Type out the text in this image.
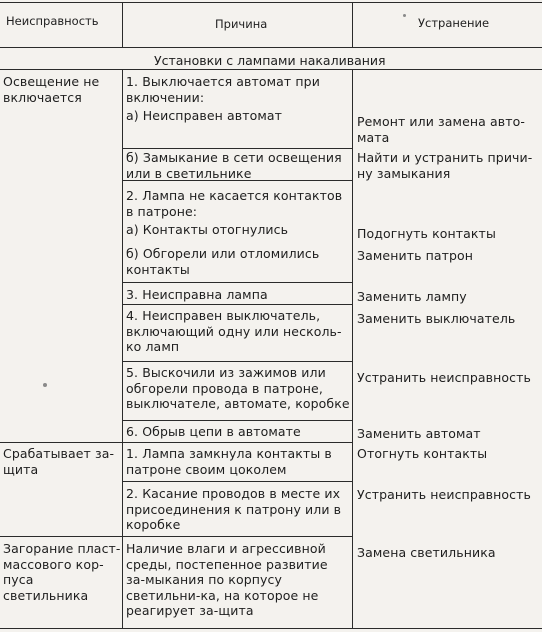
Неисправность	Причина	Устранение
Установки с лампами накаливания
Освещение не включается
Срабатывает за-
щита
Загорание пласт-
массового кор-
пуса светильника
1. Выключается автомат при включении:
а) Неисправен автомат
б) Замыкание в сети освещения или в светильнике
2. Лампа не касается контактов в патроне:
а) Контакты отогнулись
б) Обгорели или отломились контакты
3. Неисправна лампа
4. Неисправен выключатель, включающий одну или несколь-ко ламп
5. Выскочили из зажимов или обгорели провода в патроне, выключателе, автомате, коробке
6. Обрыв цепи в автомате
1. Лампа замкнула контакты в патроне своим цоколем
2. Касание проводов в месте их присоединения к патрону или в коробке
Наличие влаги и агрессивной среды, постепенное развитие за-мыкания по корпусу светильни-ка, на которое не реагирует за-щита
Ремонт или замена авто-мата
Найти и устранить причи-ну замыкания
Подогнуть контакты
Заменить патрон
Заменить лампу
Заменить выключатель
Устранить неисправность
Заменить автомат
Отогнуть контакты
Устранить неисправность
Замена светильника
